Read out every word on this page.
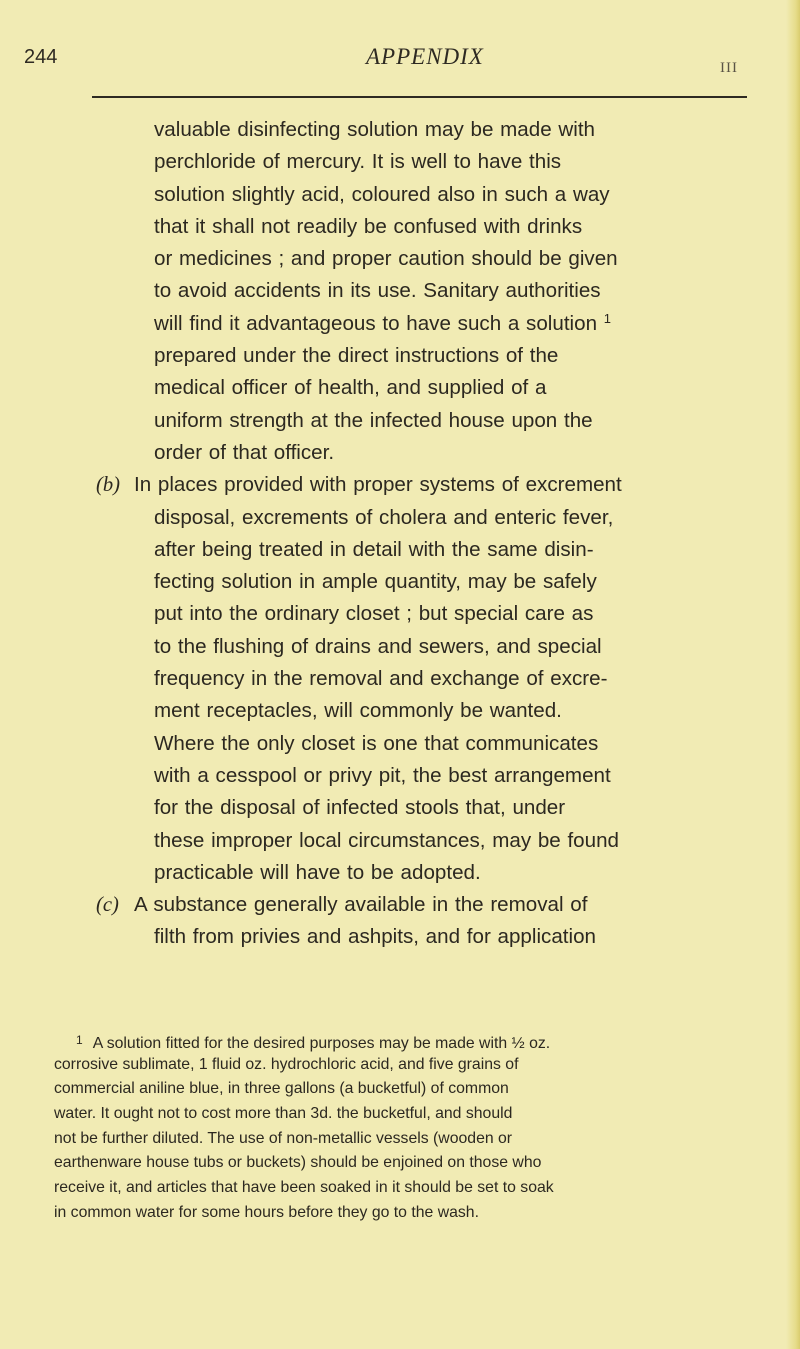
244	APPENDIX	III
valuable disinfecting solution may be made with
perchloride of mercury. It is well to have this
solution slightly acid, coloured also in such a way
that it shall not readily be confused with drinks
or medicines ; and proper caution should be given
to avoid accidents in its use. Sanitary authorities
will find it advantageous to have such a solution $^1$
prepared under the direct instructions of the
medical officer of health, and supplied of a
uniform strength at the infected house upon the
order of that officer.
(b) In places provided with proper systems of excrement
disposal, excrements of cholera and enteric fever,
after being treated in detail with the same disin-
fecting solution in ample quantity, may be safely
put into the ordinary closet ; but special care as
to the flushing of drains and sewers, and special
frequency in the removal and exchange of excre-
ment receptacles, will commonly be wanted.
Where the only closet is one that communicates
with a cesspool or privy pit, the best arrangement
for the disposal of infected stools that, under
these improper local circumstances, may be found
practicable will have to be adopted.
(c) A substance generally available in the removal of
filth from privies and ashpits, and for application
$^1$ A solution fitted for the desired purposes may be made with ½ oz.
corrosive sublimate, 1 fluid oz. hydrochloric acid, and five grains of
commercial aniline blue, in three gallons (a bucketful) of common
water. It ought not to cost more than 3d. the bucketful, and should
not be further diluted. The use of non-metallic vessels (wooden or
earthenware house tubs or buckets) should be enjoined on those who
receive it, and articles that have been soaked in it should be set to soak
in common water for some hours before they go to the wash.
